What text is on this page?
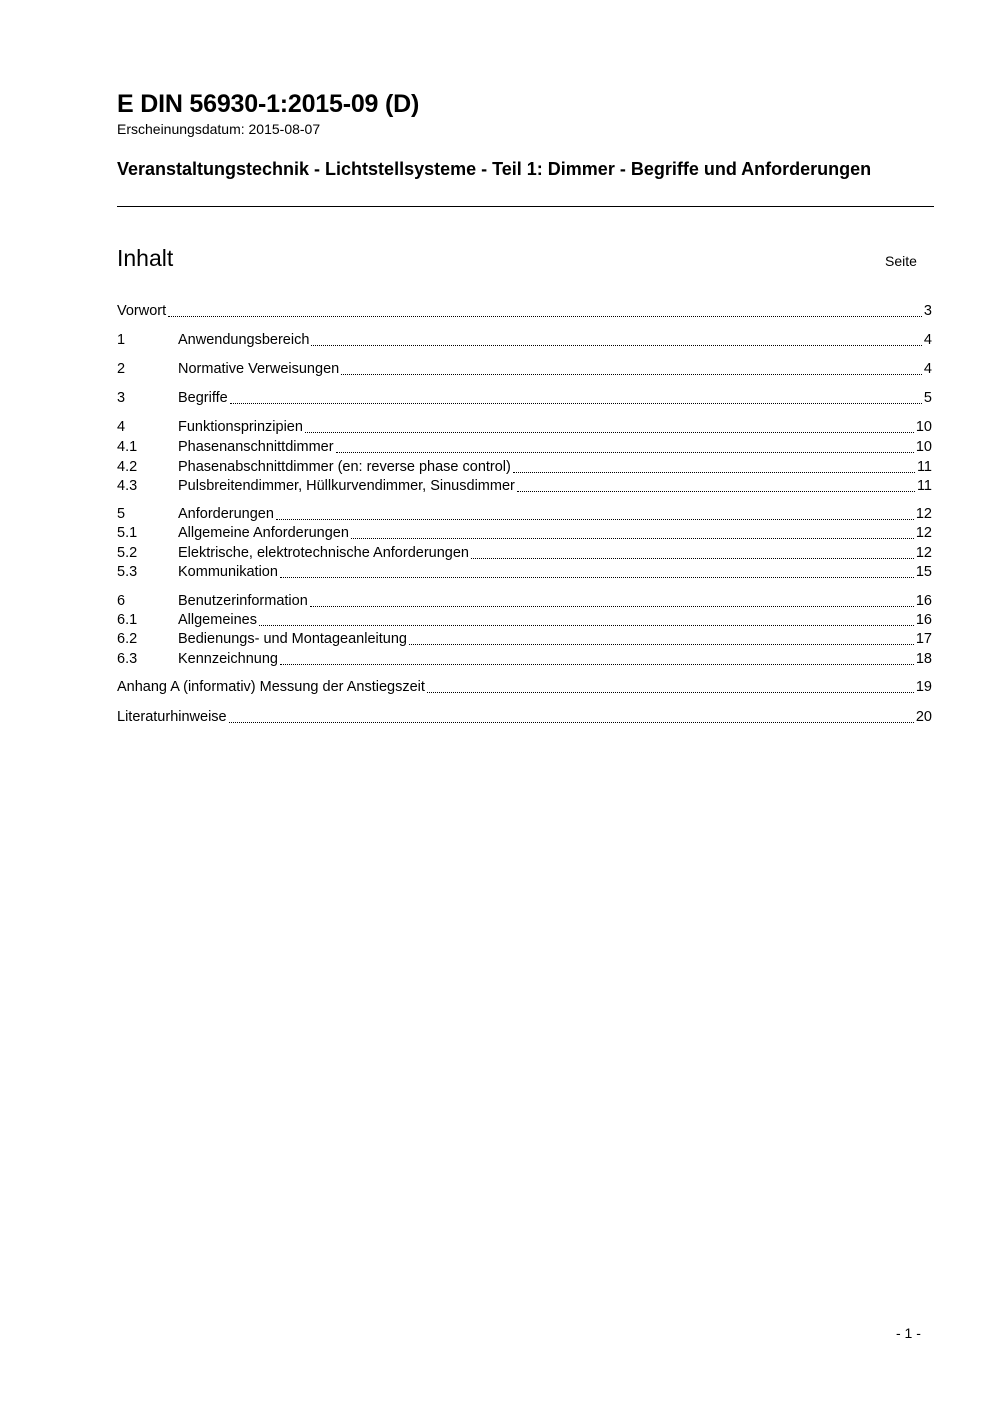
E DIN 56930-1:2015-09 (D)
Erscheinungsdatum: 2015-08-07
Veranstaltungstechnik - Lichtstellsysteme - Teil 1: Dimmer - Begriffe und Anforderungen
Inhalt	Seite
Vorwort	3
1	Anwendungsbereich	4
2	Normative Verweisungen	4
3	Begriffe	5
4	Funktionsprinzipien	10
4.1	Phasenanschnittdimmer	10
4.2	Phasenabschnittdimmer (en: reverse phase control)	11
4.3	Pulsbreitendimmer, Hüllkurvendimmer, Sinusdimmer	11
5	Anforderungen	12
5.1	Allgemeine Anforderungen	12
5.2	Elektrische, elektrotechnische Anforderungen	12
5.3	Kommunikation	15
6	Benutzerinformation	16
6.1	Allgemeines	16
6.2	Bedienungs- und Montageanleitung	17
6.3	Kennzeichnung	18
Anhang A (informativ) Messung der Anstiegszeit	19
Literaturhinweise	20
- 1 -
